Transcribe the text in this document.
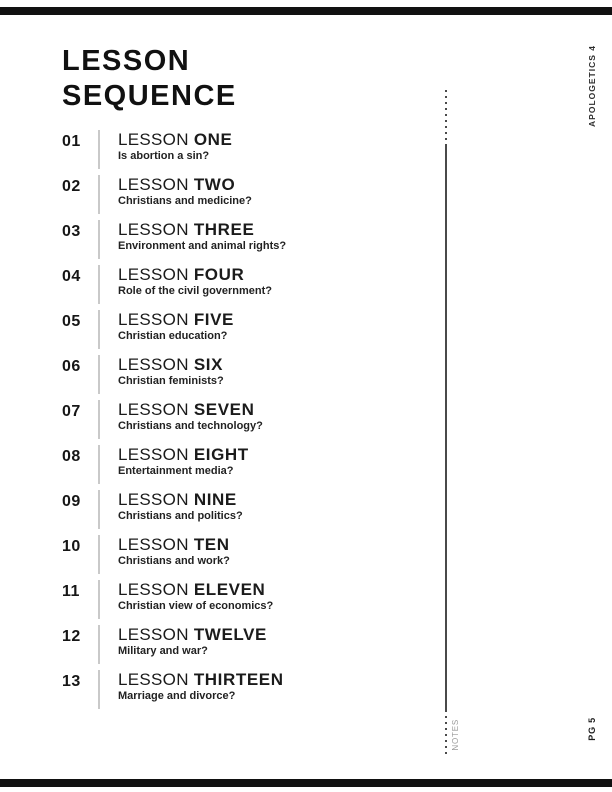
LESSON
SEQUENCE
01	LESSON ONE
Is abortion a sin?
02	LESSON TWO
Christians and medicine?
03	LESSON THREE
Environment and animal rights?
04	LESSON FOUR
Role of the civil government?
05	LESSON FIVE
Christian education?
06	LESSON SIX
Christian feminists?
07	LESSON SEVEN
Christians and technology?
08	LESSON EIGHT
Entertainment media?
09	LESSON NINE
Christians and politics?
10	LESSON TEN
Christians and work?
11	LESSON ELEVEN
Christian view of economics?
12	LESSON TWELVE
Military and war?
13	LESSON THIRTEEN
Marriage and divorce?
APOLOGETICS 4
NOTES	PG 5
